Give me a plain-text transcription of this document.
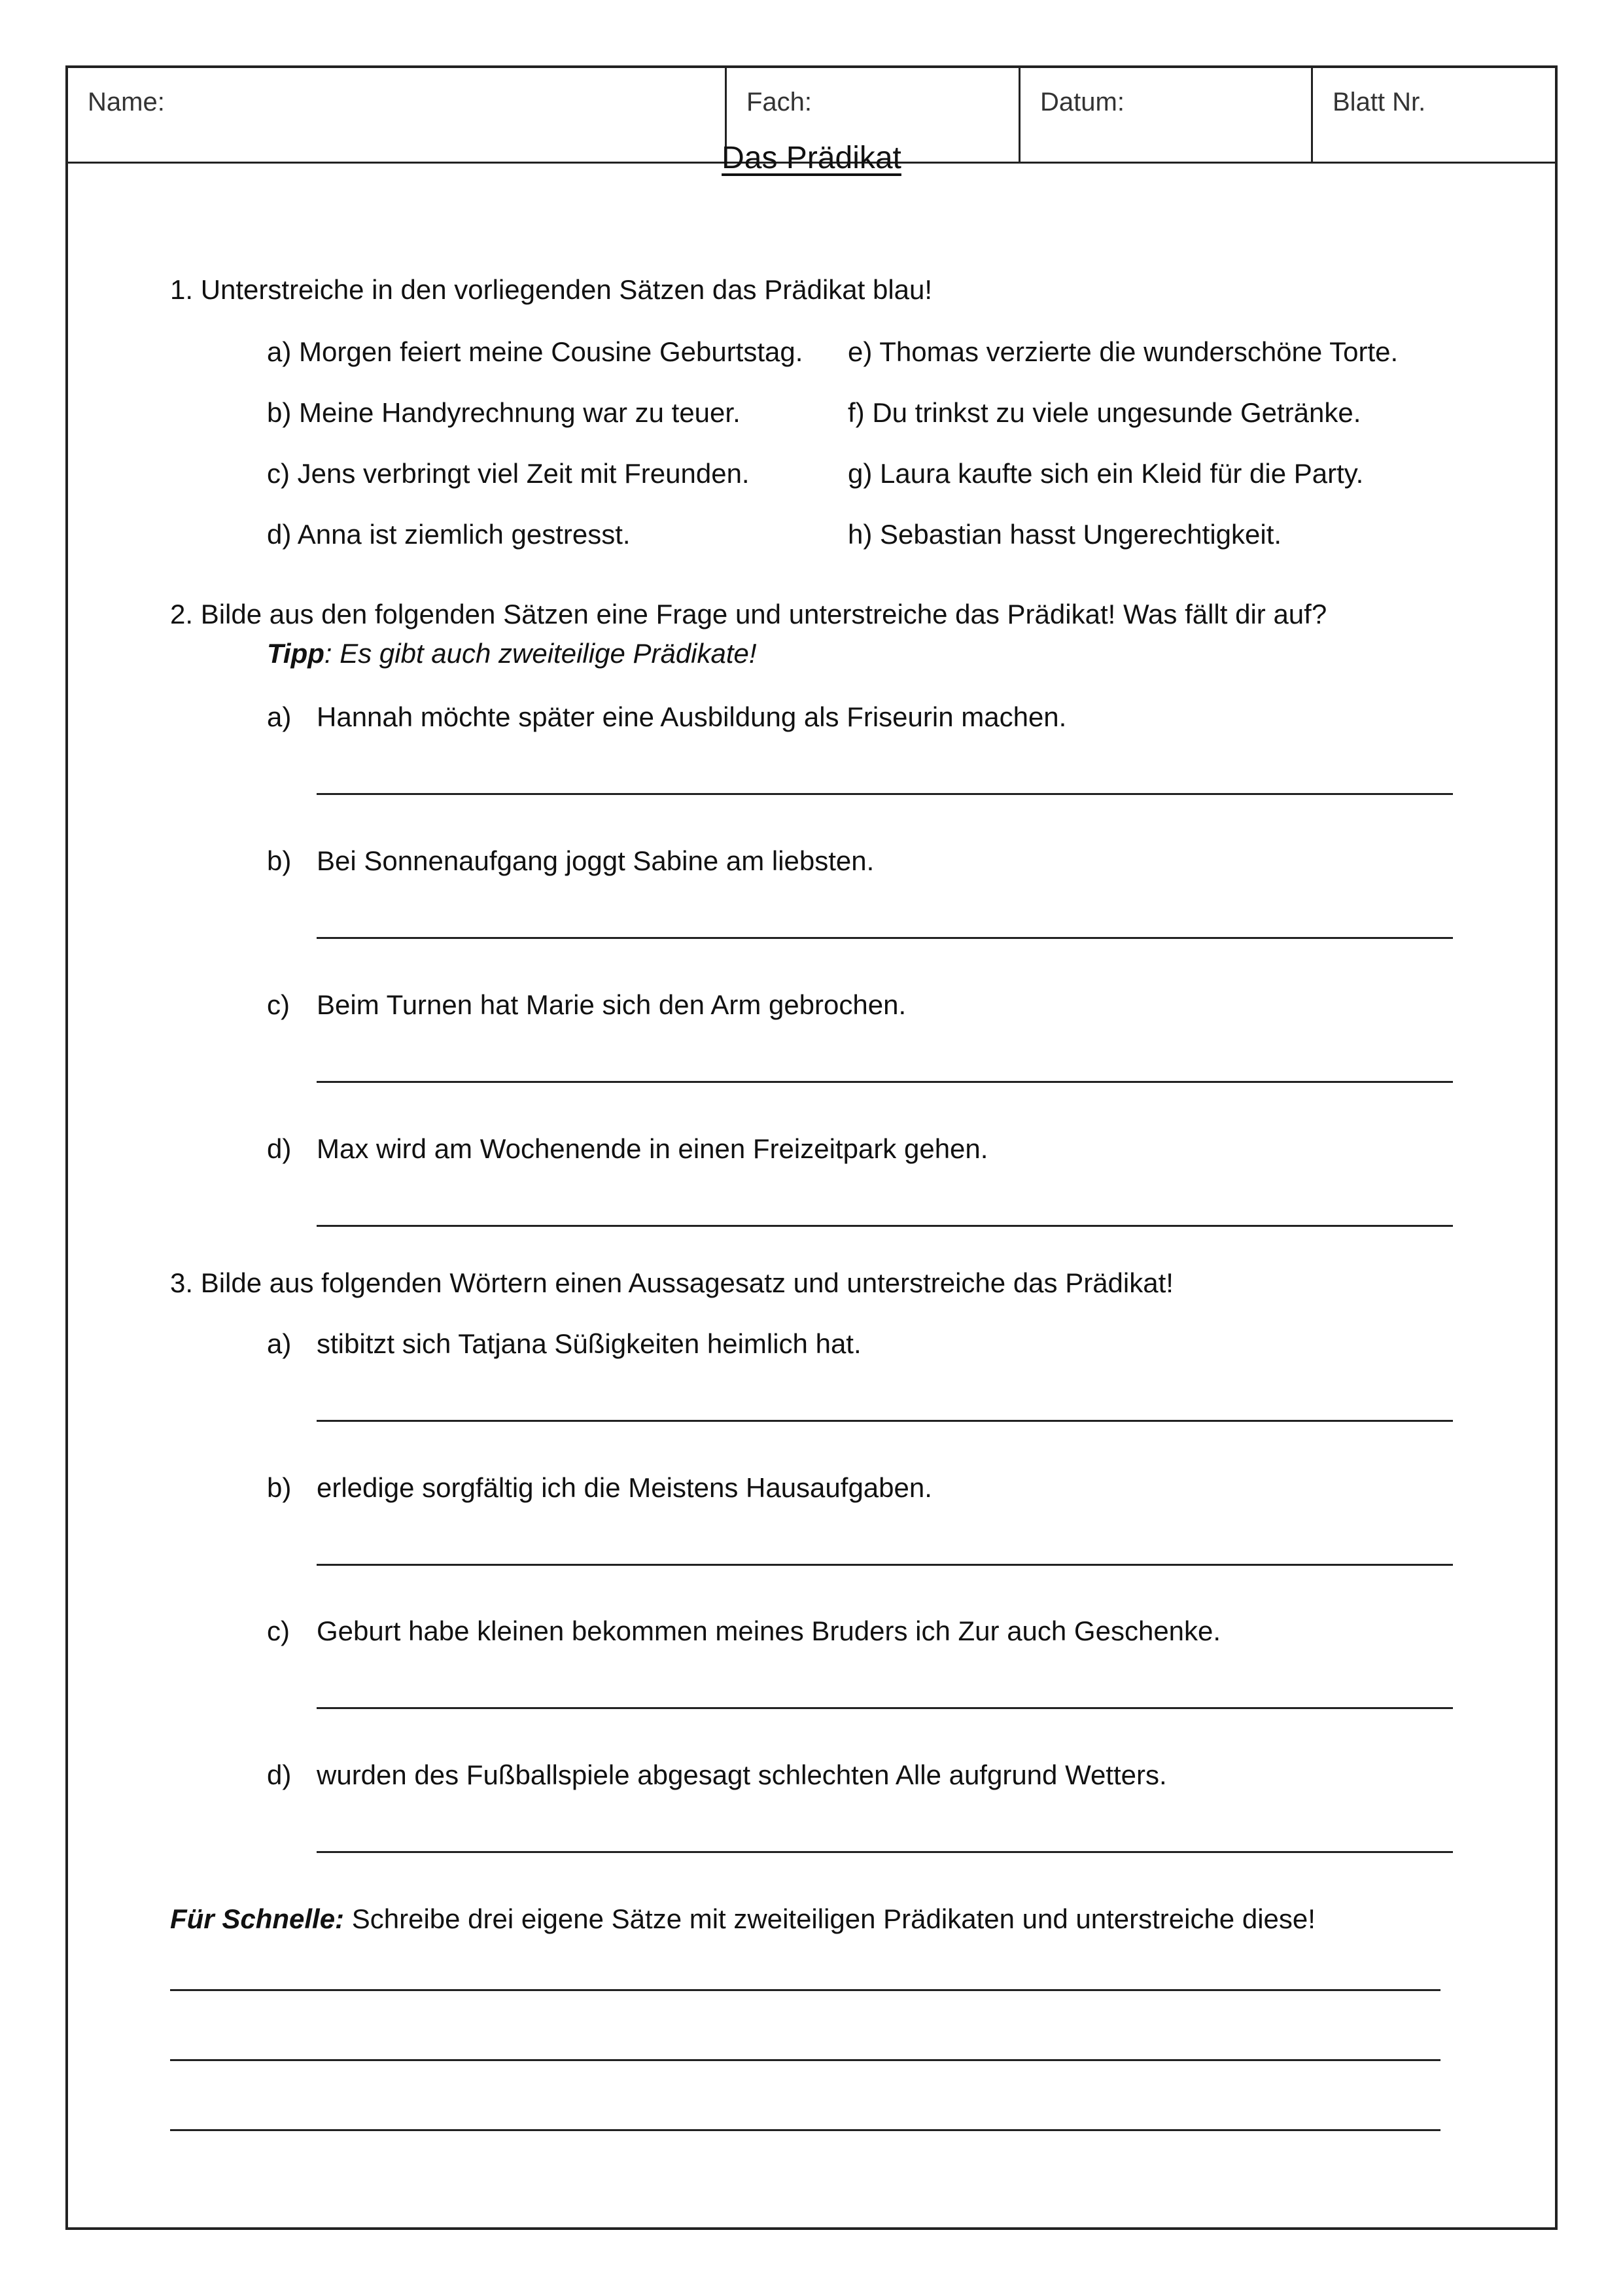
Name:	Fach:	Datum:	Blatt Nr.
Das Prädikat
1. Unterstreiche in den vorliegenden Sätzen das Prädikat blau!
a) Morgen feiert meine Cousine Geburtstag.
b) Meine Handyrechnung war zu teuer.
c) Jens verbringt viel Zeit mit Freunden.
d) Anna ist ziemlich gestresst.
e) Thomas verzierte die wunderschöne Torte.
f) Du trinkst zu viele ungesunde Getränke.
g) Laura kaufte sich ein Kleid für die Party.
h) Sebastian hasst Ungerechtigkeit.
2. Bilde aus den folgenden Sätzen eine Frage und unterstreiche das Prädikat! Was fällt dir auf?
Tipp: Es gibt auch zweiteilige Prädikate!
a) Hannah möchte später eine Ausbildung als Friseurin machen.
b) Bei Sonnenaufgang joggt Sabine am liebsten.
c) Beim Turnen hat Marie sich den Arm gebrochen.
d) Max wird am Wochenende in einen Freizeitpark gehen.
3. Bilde aus folgenden Wörtern einen Aussagesatz und unterstreiche das Prädikat!
a) stibitzt sich Tatjana Süßigkeiten heimlich hat.
b) erledige sorgfältig ich die Meistens Hausaufgaben.
c) Geburt habe kleinen bekommen meines Bruders ich Zur auch Geschenke.
d) wurden des Fußballspiele abgesagt schlechten Alle aufgrund Wetters.
Für Schnelle: Schreibe drei eigene Sätze mit zweiteiligen Prädikaten und unterstreiche diese!
